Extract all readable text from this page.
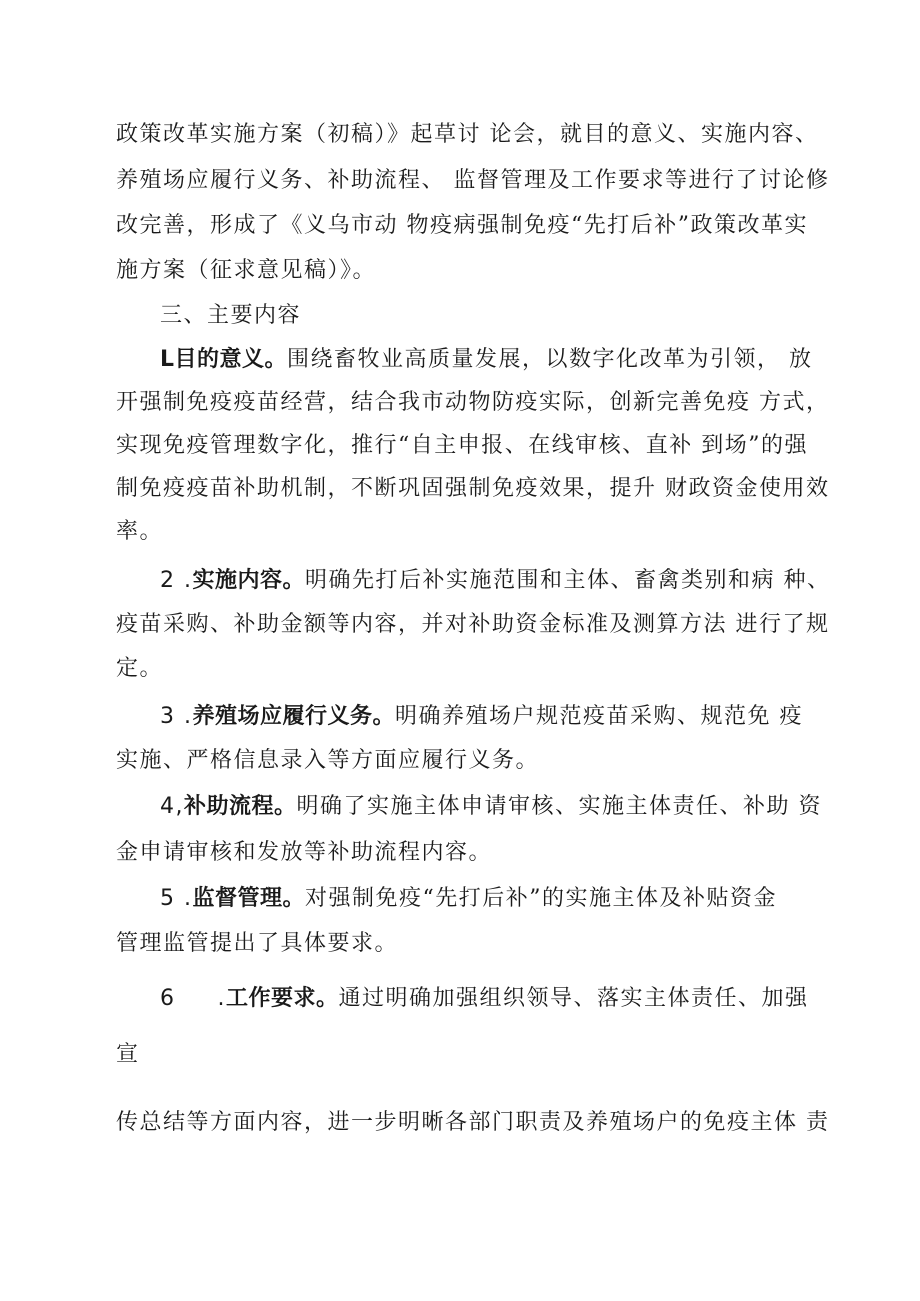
政策改革实施方案（初稿）》起草讨 论会，就目的意义、实施内容、
养殖场应履行义务、补助流程、 监督管理及工作要求等进行了讨论修
改完善，形成了《义乌市动 物疫病强制免疫“先打后补”政策改革实
施方案（征求意见稿）》。
三、主要内容
L目的意义。围绕畜牧业高质量发展，以数字化改革为引领， 放
开强制免疫疫苗经营，结合我市动物防疫实际，创新完善免疫 方式，
实现免疫管理数字化，推行“自主申报、在线审核、直补 到场”的强
制免疫疫苗补助机制，不断巩固强制免疫效果，提升 财政资金使用效
率。
2 .实施内容。明确先打后补实施范围和主体、畜禽类别和病 种、
疫苗采购、补助金额等内容，并对补助资金标准及测算方法 进行了规
定。
3 .养殖场应履行义务。明确养殖场户规范疫苗采购、规范免 疫
实施、严格信息录入等方面应履行义务。
4,补助流程。明确了实施主体申请审核、实施主体责任、补助 资
金申请审核和发放等补助流程内容。
5 .监督管理。对强制免疫“先打后补”的实施主体及补贴资金
管理监管提出了具体要求。
6 .工作要求。通过明确加强组织领导、落实主体责任、加强
宣
传总结等方面内容，进一步明晰各部门职责及养殖场户的免疫主体 责
